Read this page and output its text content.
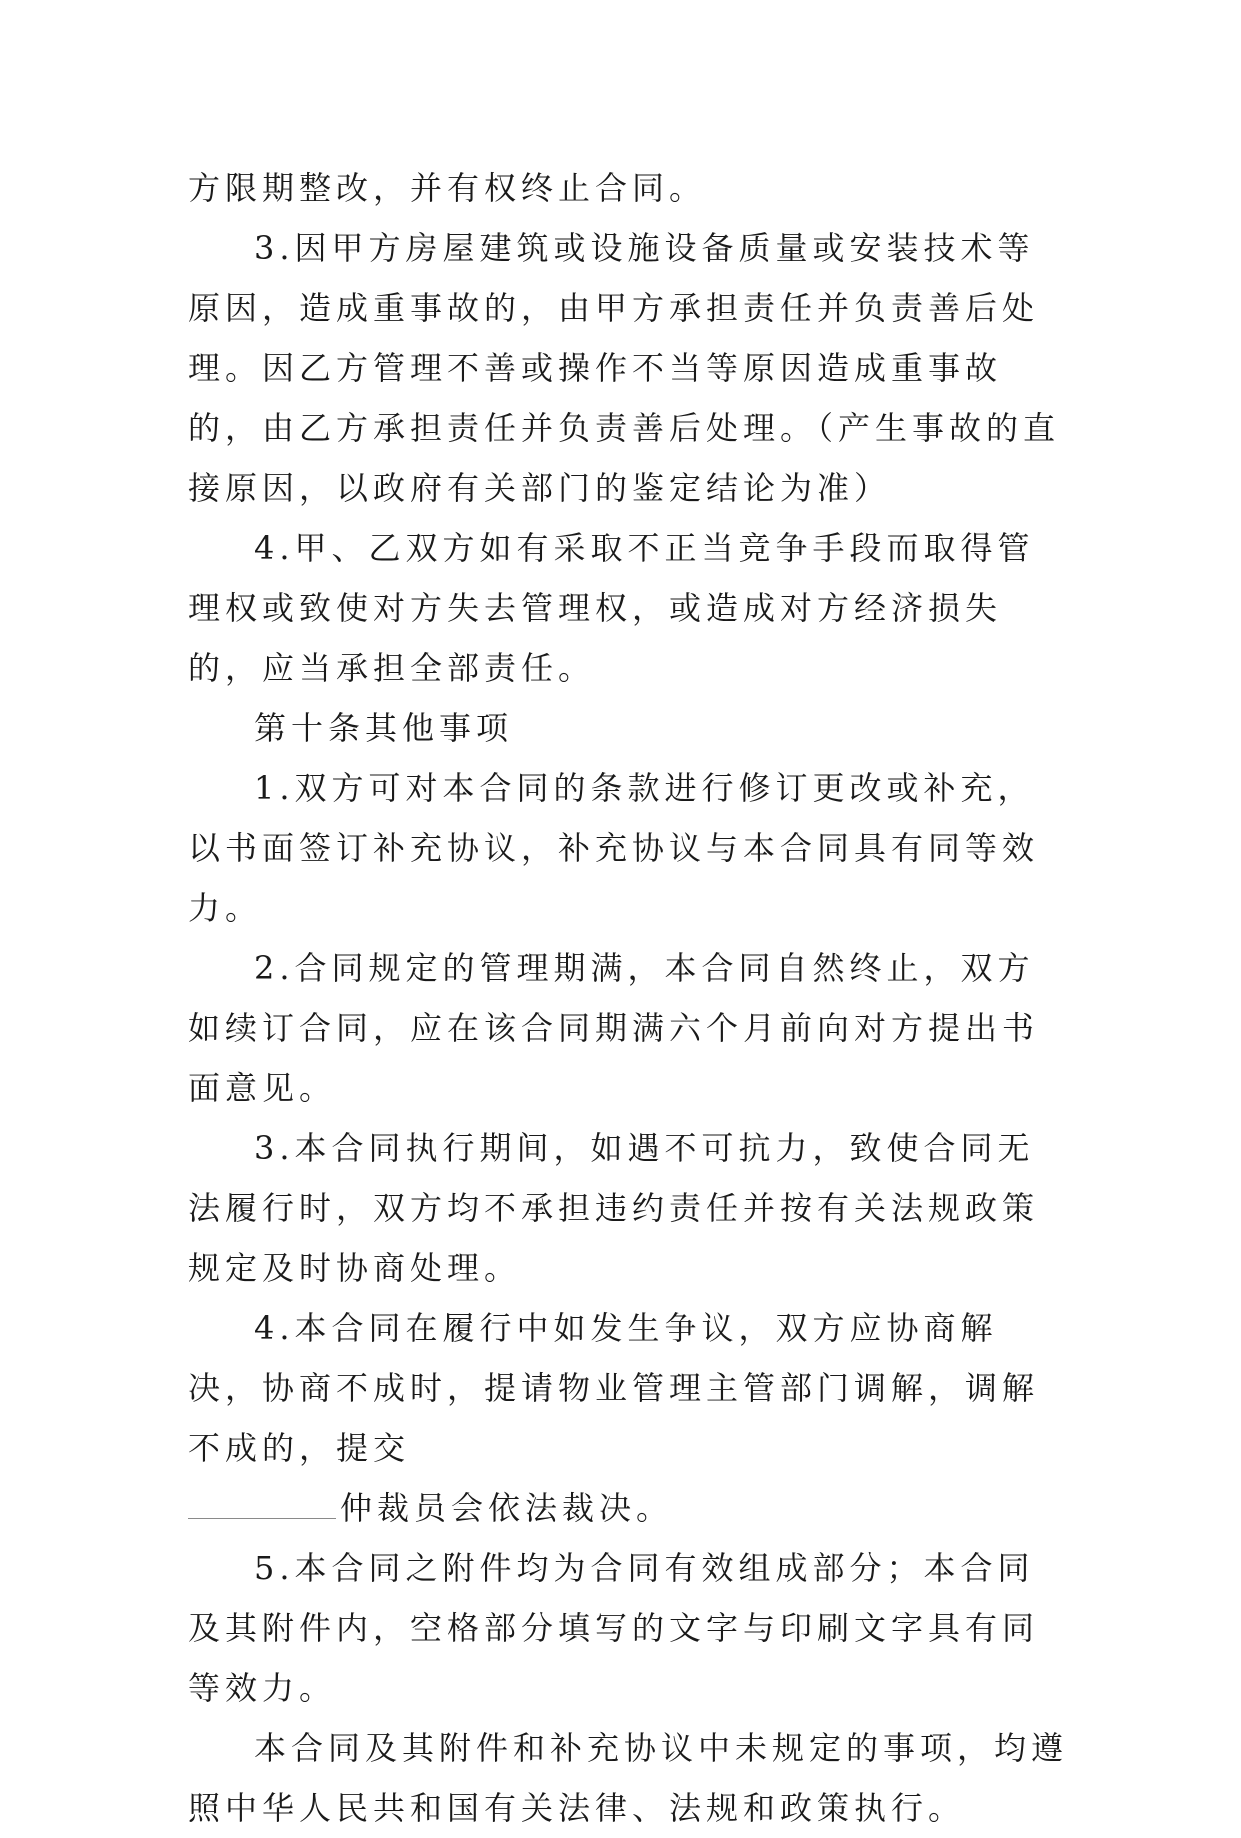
方限期整改，并有权终止合同。

3.因甲方房屋建筑或设施设备质量或安装技术等原因，造成重事故的，由甲方承担责任并负责善后处理。因乙方管理不善或操作不当等原因造成重事故的，由乙方承担责任并负责善后处理。（产生事故的直接原因，以政府有关部门的鉴定结论为准）

4.甲、乙双方如有采取不正当竞争手段而取得管理权或致使对方失去管理权，或造成对方经济损失的，应当承担全部责任。

第十条其他事项

1.双方可对本合同的条款进行修订更改或补充，以书面签订补充协议，补充协议与本合同具有同等效力。

2.合同规定的管理期满，本合同自然终止，双方如续订合同，应在该合同期满六个月前向对方提出书面意见。

3.本合同执行期间，如遇不可抗力，致使合同无法履行时，双方均不承担违约责任并按有关法规政策规定及时协商处理。

4.本合同在履行中如发生争议，双方应协商解决，协商不成时，提请物业管理主管部门调解，调解不成的，提交

仲裁员会依法裁决。

5.本合同之附件均为合同有效组成部分；本合同及其附件内，空格部分填写的文字与印刷文字具有同等效力。

本合同及其附件和补充协议中未规定的事项，均遵照中华人民共和国有关法律、法规和政策执行。
